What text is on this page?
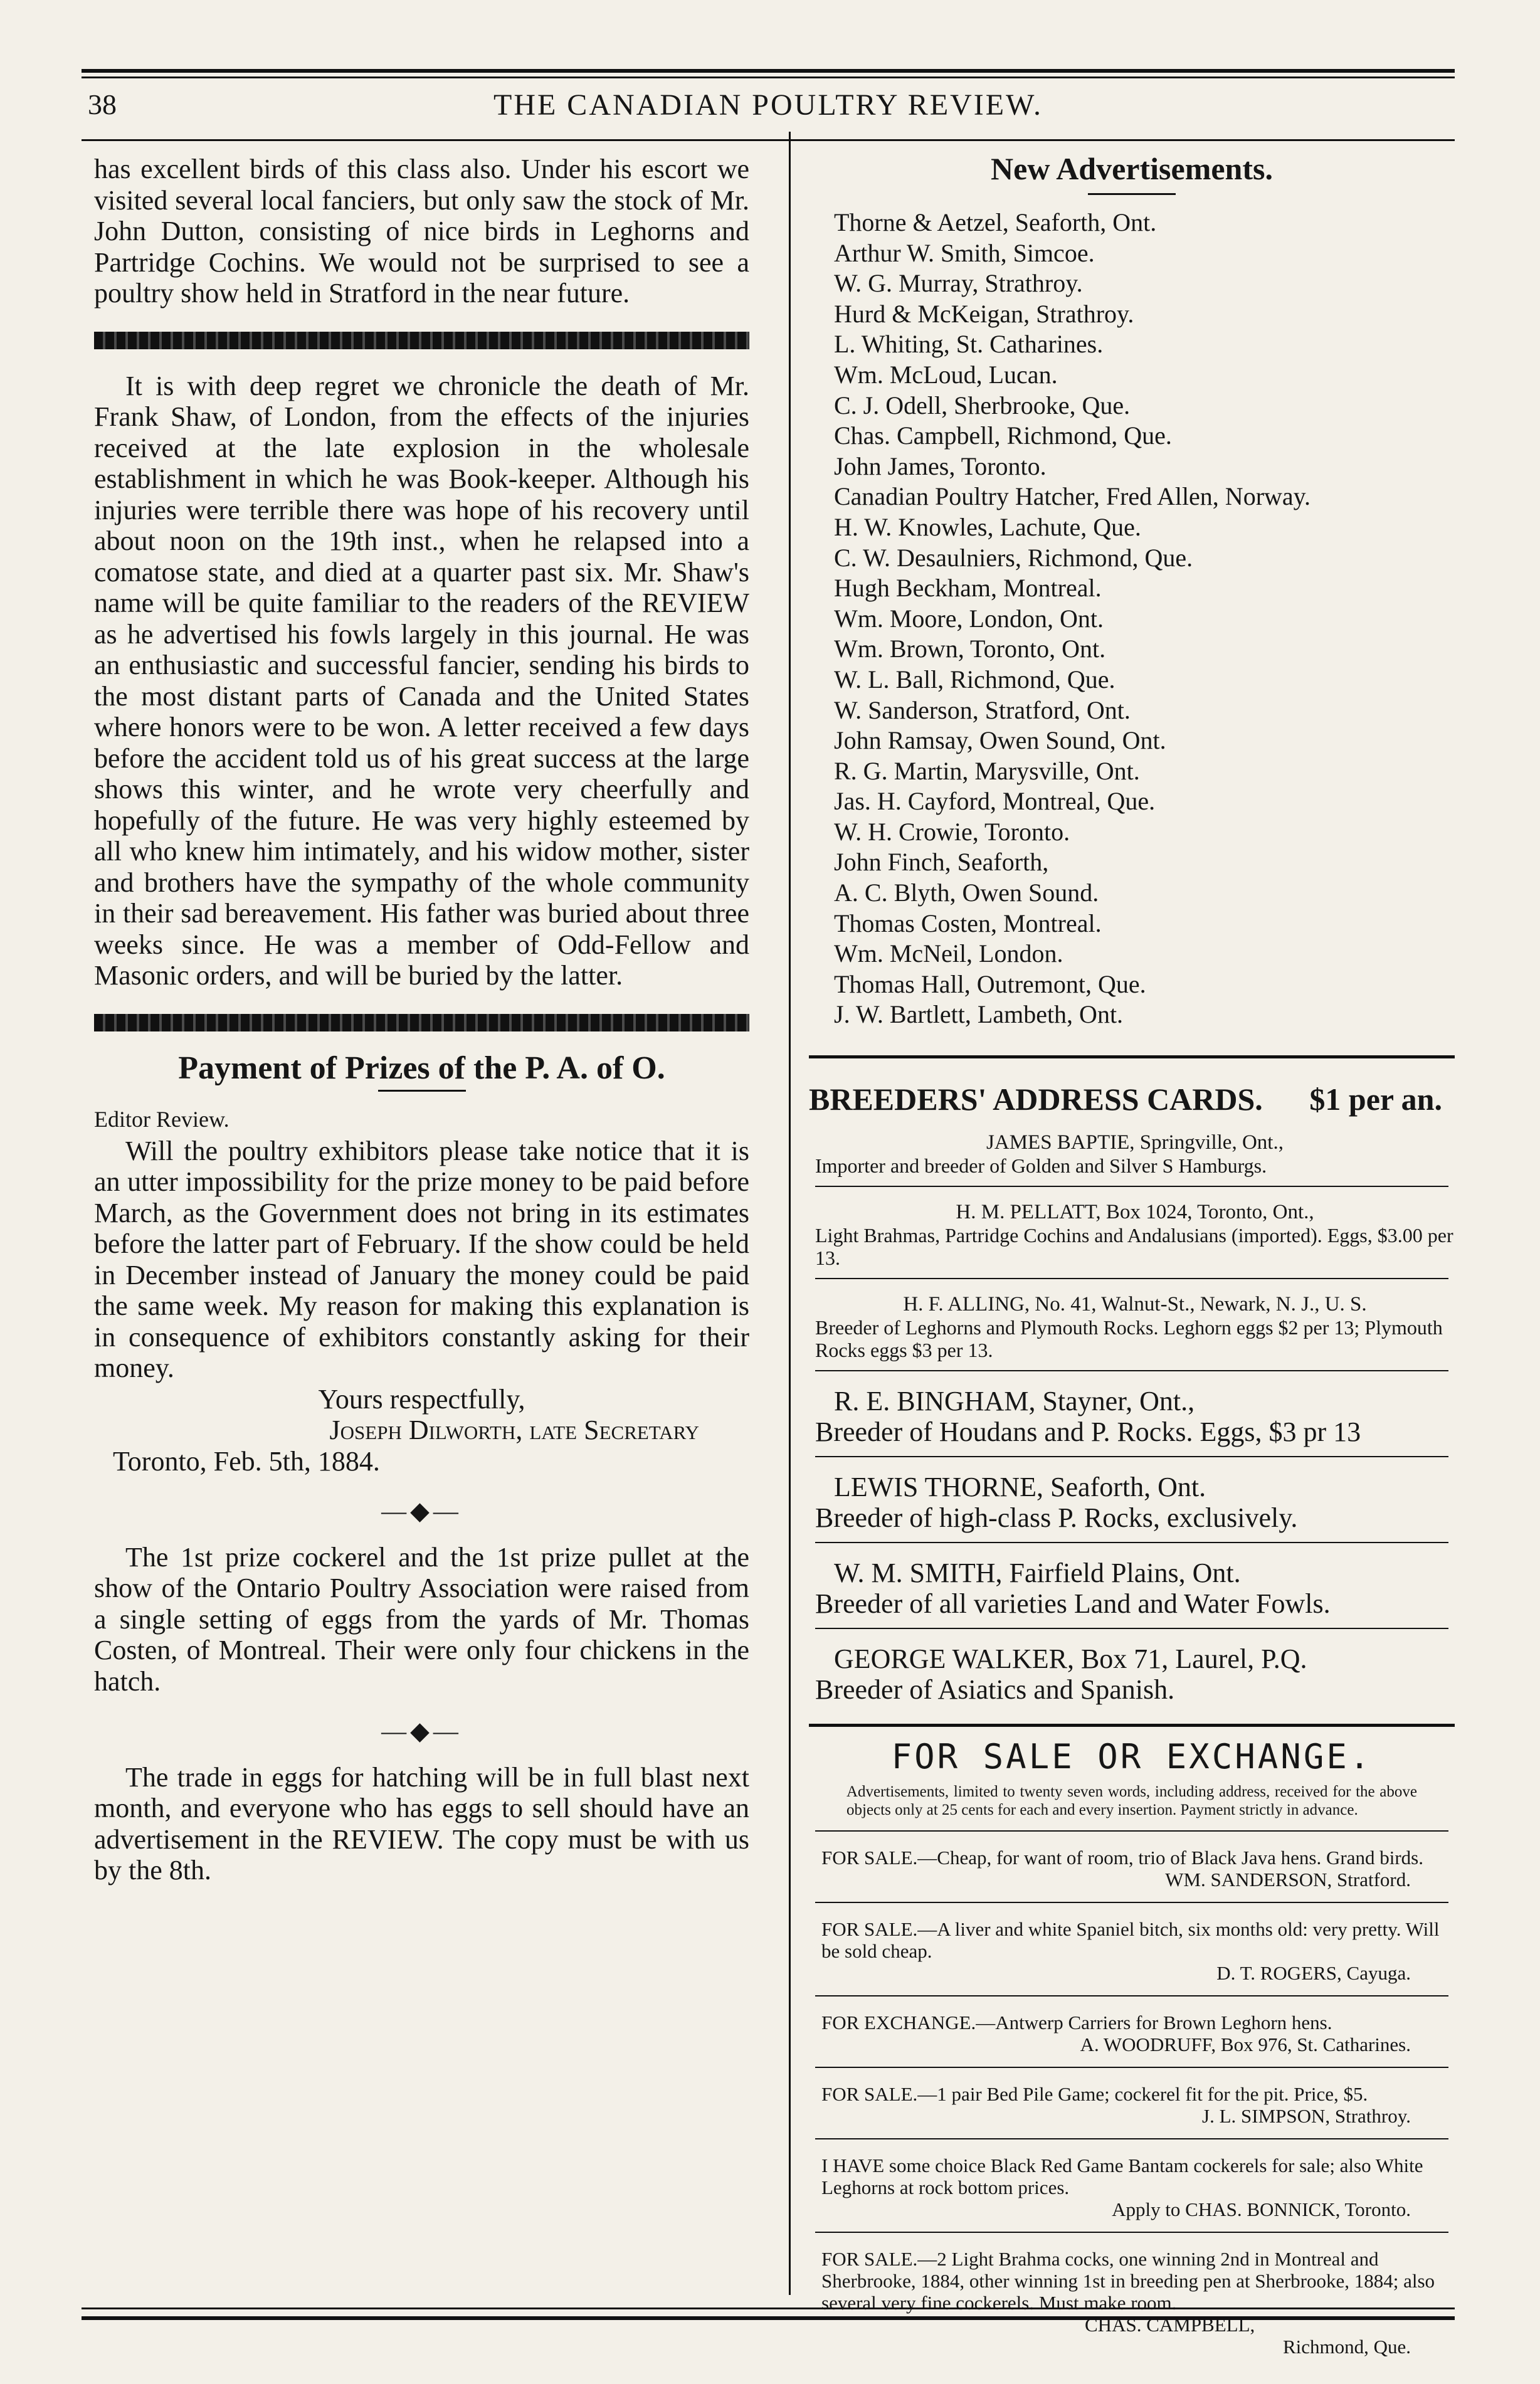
38	THE CANADIAN POULTRY REVIEW.

has excellent birds of this class also. Under his escort we visited several local fanciers, but only saw the stock of Mr. John Dutton, consisting of nice birds in Leghorns and Partridge Cochins. We would not be surprised to see a poultry show held in Stratford in the near future.

It is with deep regret we chronicle the death of Mr. Frank Shaw, of London, from the effects of the injuries received at the late explosion in the wholesale establishment in which he was Book-keeper. Although his injuries were terrible there was hope of his recovery until about noon on the 19th inst., when he relapsed into a comatose state, and died at a quarter past six. Mr. Shaw's name will be quite familiar to the readers of the REVIEW as he advertised his fowls largely in this journal. He was an enthusiastic and successful fancier, sending his birds to the most distant parts of Canada and the United States where honors were to be won. A letter received a few days before the accident told us of his great success at the large shows this winter, and he wrote very cheerfully and hopefully of the future. He was very highly esteemed by all who knew him intimately, and his widow mother, sister and brothers have the sympathy of the whole community in their sad bereavement. His father was buried about three weeks since. He was a member of Odd-Fellow and Masonic orders, and will be buried by the latter.

Payment of Prizes of the P. A. of O.

Editor Review.

Will the poultry exhibitors please take notice that it is an utter impossibility for the prize money to be paid before March, as the Government does not bring in its estimates before the latter part of February. If the show could be held in December instead of January the money could be paid the same week. My reason for making this explanation is in consequence of exhibitors constantly asking for their money.

Yours respectfully,

Joseph Dilworth, late Secretary

Toronto, Feb. 5th, 1884.

—◆—

The 1st prize cockerel and the 1st prize pullet at the show of the Ontario Poultry Association were raised from a single setting of eggs from the yards of Mr. Thomas Costen, of Montreal. Their were only four chickens in the hatch.

—◆—

The trade in eggs for hatching will be in full blast next month, and everyone who has eggs to sell should have an advertisement in the REVIEW. The copy must be with us by the 8th.

New Advertisements.
Thorne & Aetzel, Seaforth, Ont.
Arthur W. Smith, Simcoe.
W. G. Murray, Strathroy.
Hurd & McKeigan, Strathroy.
L. Whiting, St. Catharines.
Wm. McLoud, Lucan.
C. J. Odell, Sherbrooke, Que.
Chas. Campbell, Richmond, Que.
John James, Toronto.
Canadian Poultry Hatcher, Fred Allen, Norway.
H. W. Knowles, Lachute, Que.
C. W. Desaulniers, Richmond, Que.
Hugh Beckham, Montreal.
Wm. Moore, London, Ont.
Wm. Brown, Toronto, Ont.
W. L. Ball, Richmond, Que.
W. Sanderson, Stratford, Ont.
John Ramsay, Owen Sound, Ont.
R. G. Martin, Marysville, Ont.
Jas. H. Cayford, Montreal, Que.
W. H. Crowie, Toronto.
John Finch, Seaforth,
A. C. Blyth, Owen Sound.
Thomas Costen, Montreal.
Wm. McNeil, London.
Thomas Hall, Outremont, Que.
J. W. Bartlett, Lambeth, Ont.
BREEDERS' ADDRESS CARDS. $1 per an.
JAMES BAPTIE, Springville, Ont.,
Importer and breeder of Golden and Silver S Hamburgs.
H. M. PELLATT, Box 1024, Toronto, Ont.,
Light Brahmas, Partridge Cochins and Andalusians (imported). Eggs, $3.00 per 13.
H. F. ALLING, No. 41, Walnut-St., Newark, N. J., U. S.
Breeder of Leghorns and Plymouth Rocks. Leghorn eggs $2 per 13; Plymouth Rocks eggs $3 per 13.
R. E. BINGHAM, Stayner, Ont.,
Breeder of Houdans and P. Rocks. Eggs, $3 pr 13
LEWIS THORNE, Seaforth, Ont.
Breeder of high-class P. Rocks, exclusively.
W. M. SMITH, Fairfield Plains, Ont.
Breeder of all varieties Land and Water Fowls.
GEORGE WALKER, Box 71, Laurel, P.Q.
Breeder of Asiatics and Spanish.
FOR SALE OR EXCHANGE.
Advertisements, limited to twenty seven words, including address, received for the above objects only at 25 cents for each and every insertion. Payment strictly in advance.
FOR SALE.—Cheap, for want of room, trio of Black Java hens. Grand birds.
WM. SANDERSON, Stratford.
FOR SALE.—A liver and white Spaniel bitch, six months old: very pretty. Will be sold cheap.
D. T. ROGERS, Cayuga.
FOR EXCHANGE.—Antwerp Carriers for Brown Leghorn hens.
A. WOODRUFF, Box 976, St. Catharines.
FOR SALE.—1 pair Bed Pile Game; cockerel fit for the pit. Price, $5.
J. L. SIMPSON, Strathroy.
I HAVE some choice Black Red Game Bantam cockerels for sale; also White Leghorns at rock bottom prices.
Apply to CHAS. BONNICK, Toronto.
FOR SALE.—2 Light Brahma cocks, one winning 2nd in Montreal and Sherbrooke, 1884, other winning 1st in breeding pen at Sherbrooke, 1884; also several very fine cockerels. Must make room.
CHAS. CAMPBELL,
Richmond, Que.
